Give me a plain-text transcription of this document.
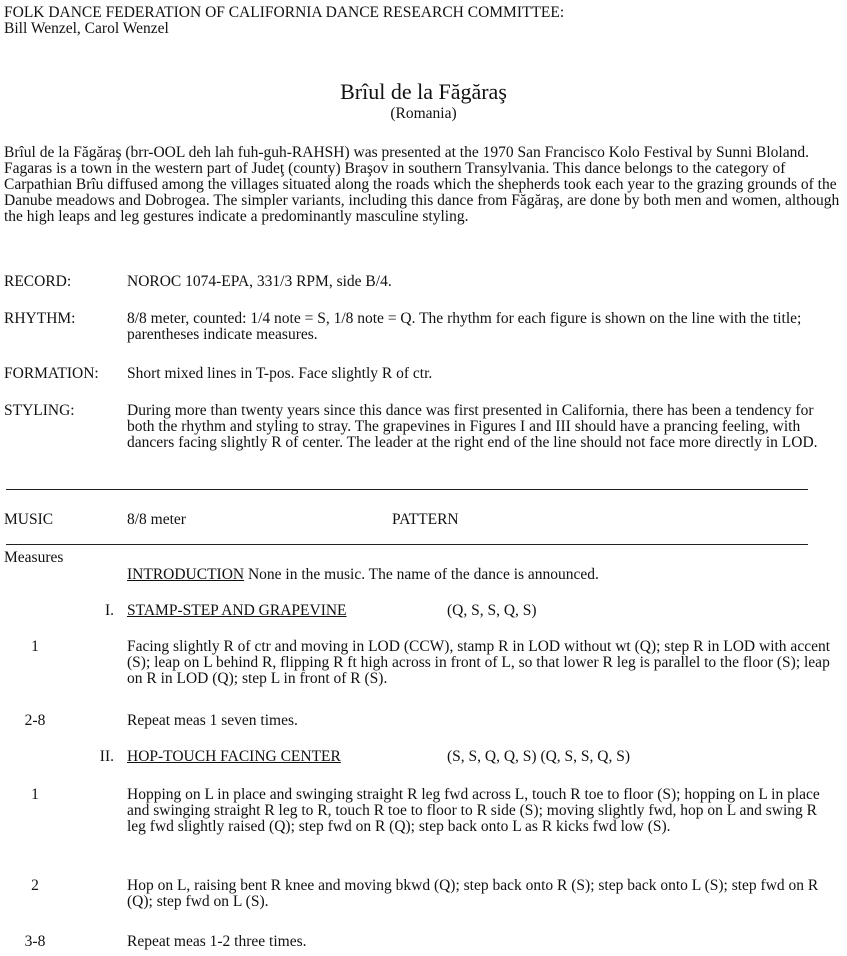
FOLK DANCE FEDERATION OF CALIFORNIA DANCE RESEARCH COMMITTEE:
Bill Wenzel, Carol Wenzel
Brîul de la Făgăraş
(Romania)
Brîul de la Făgăraş (brr-OOL deh lah fuh-guh-RAHSH) was presented at the 1970 San Francisco Kolo Festival by Sunni Bloland. Fagaras is a town in the western part of Judeţ (county) Braşov in southern Transylvania. This dance belongs to the category of Carpathian Brîu diffused among the villages situated along the roads which the shepherds took each year to the grazing grounds of the Danube meadows and Dobrogea. The simpler variants, including this dance from Făgăraş, are done by both men and women, although the high leaps and leg gestures indicate a predominantly masculine styling.
RECORD:	NOROC 1074-EPA, 331/3 RPM, side B/4.
RHYTHM:	8/8 meter, counted: 1/4 note = S, 1/8 note = Q. The rhythm for each figure is shown on the line with the title; parentheses indicate measures.
FORMATION: Short mixed lines in T-pos. Face slightly R of ctr.
STYLING:	During more than twenty years since this dance was first presented in California, there has been a tendency for both the rhythm and styling to stray. The grapevines in Figures I and III should have a prancing feeling, with dancers facing slightly R of center. The leader at the right end of the line should not face more directly in LOD.
MUSIC	8/8 meter	PATTERN
Measures
INTRODUCTION None in the music. The name of the dance is announced.
I. STAMP-STEP AND GRAPEVINE	(Q, S, S, Q, S)
1	Facing slightly R of ctr and moving in LOD (CCW), stamp R in LOD without wt (Q); step R in LOD with accent (S); leap on L behind R, flipping R ft high across in front of L, so that lower R leg is parallel to the floor (S); leap on R in LOD (Q); step L in front of R (S).
2-8	Repeat meas 1 seven times.
II. HOP-TOUCH FACING CENTER	(S, S, Q, Q, S) (Q, S, S, Q, S)
1	Hopping on L in place and swinging straight R leg fwd across L, touch R toe to floor (S); hopping on L in place and swinging straight R leg to R, touch R toe to floor to R side (S); moving slightly fwd, hop on L and swing R leg fwd slightly raised (Q); step fwd on R (Q); step back onto L as R kicks fwd low (S).
2	Hop on L, raising bent R knee and moving bkwd (Q); step back onto R (S); step back onto L (S); step fwd on R (Q); step fwd on L (S).
3-8	Repeat meas 1-2 three times.
